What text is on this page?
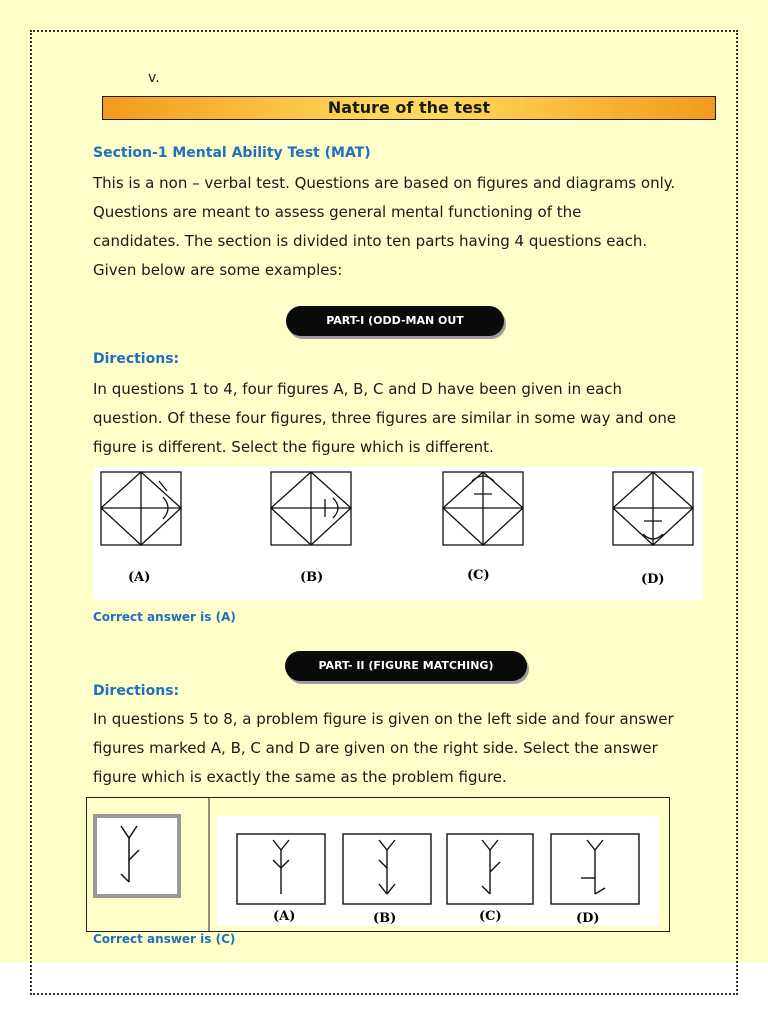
v.
Nature of the test
Section-1 Mental Ability Test (MAT)
This is a non – verbal test. Questions are based on figures and diagrams only.
Questions are meant to assess general mental functioning of the
candidates. The section is divided into ten parts having 4 questions each.
Given below are some examples:
PART-I (ODD-MAN OUT
Directions:
In questions 1 to 4, four figures A, B, C and D have been given in each
question. Of these four figures, three figures are similar in some way and one
figure is different. Select the figure which is different.
(A)	(B)	(C)	(D)
Correct answer is (A)
PART- II (FIGURE MATCHING)
Directions:
In questions 5 to 8, a problem figure is given on the left side and four answer
figures marked A, B, C and D are given on the right side. Select the answer
figure which is exactly the same as the problem figure.
(A)	(B)	(C)	(D)
Correct answer is (C)
